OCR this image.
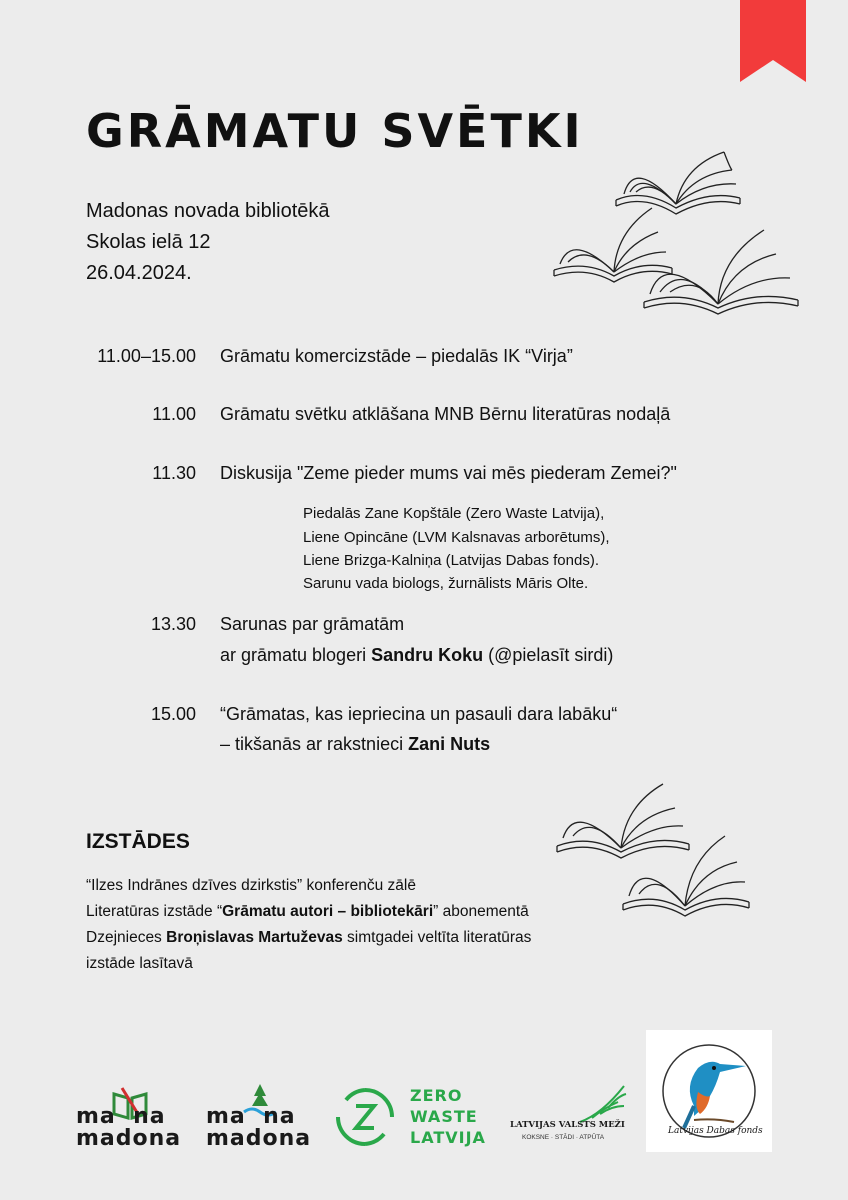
GRĀMATU SVĒTKI
Madonas novada bibliotēkā
Skolas ielā 12
26.04.2024.
11.00–15.00 Grāmatu komercizstāde – piedalās IK “Virja”
11.00 Grāmatu svētku atklāšana MNB Bērnu literatūras nodaļā
11.30 Diskusija "Zeme pieder mums vai mēs piederam Zemei?"
Piedalās Zane Kopštāle (Zero Waste Latvija),
Liene Opincāne (LVM Kalsnavas arborētums),
Liene Brizga-Kalniņa (Latvijas Dabas fonds).
Sarunu vada biologs, žurnālists Māris Olte.
13.30 Sarunas par grāmatām
ar grāmatu blogeri Sandru Koku (@pielasīt sirdi)
15.00 “Grāmatas, kas iepriecina un pasauli dara labāku“
– tikšanās ar rakstnieci Zani Nuts
IZSTĀDES
“Ilzes Indrānes dzīves dzirkstis” konferenču zālē
Literatūras izstāde “Grāmatu autori – bibliotekāri” abonementā
Dzejnieces Broņislavas Martuževas simtgadei veltīta literatūras
izstāde lasītavā
ma  na
madona
ma  na
madona
ZERO
WASTE
LATVIJA
LATVIJAS VALSTS MEŽI
KOKSNE · STĀDI · ATPŪTA
Latvijas Dabas fonds
